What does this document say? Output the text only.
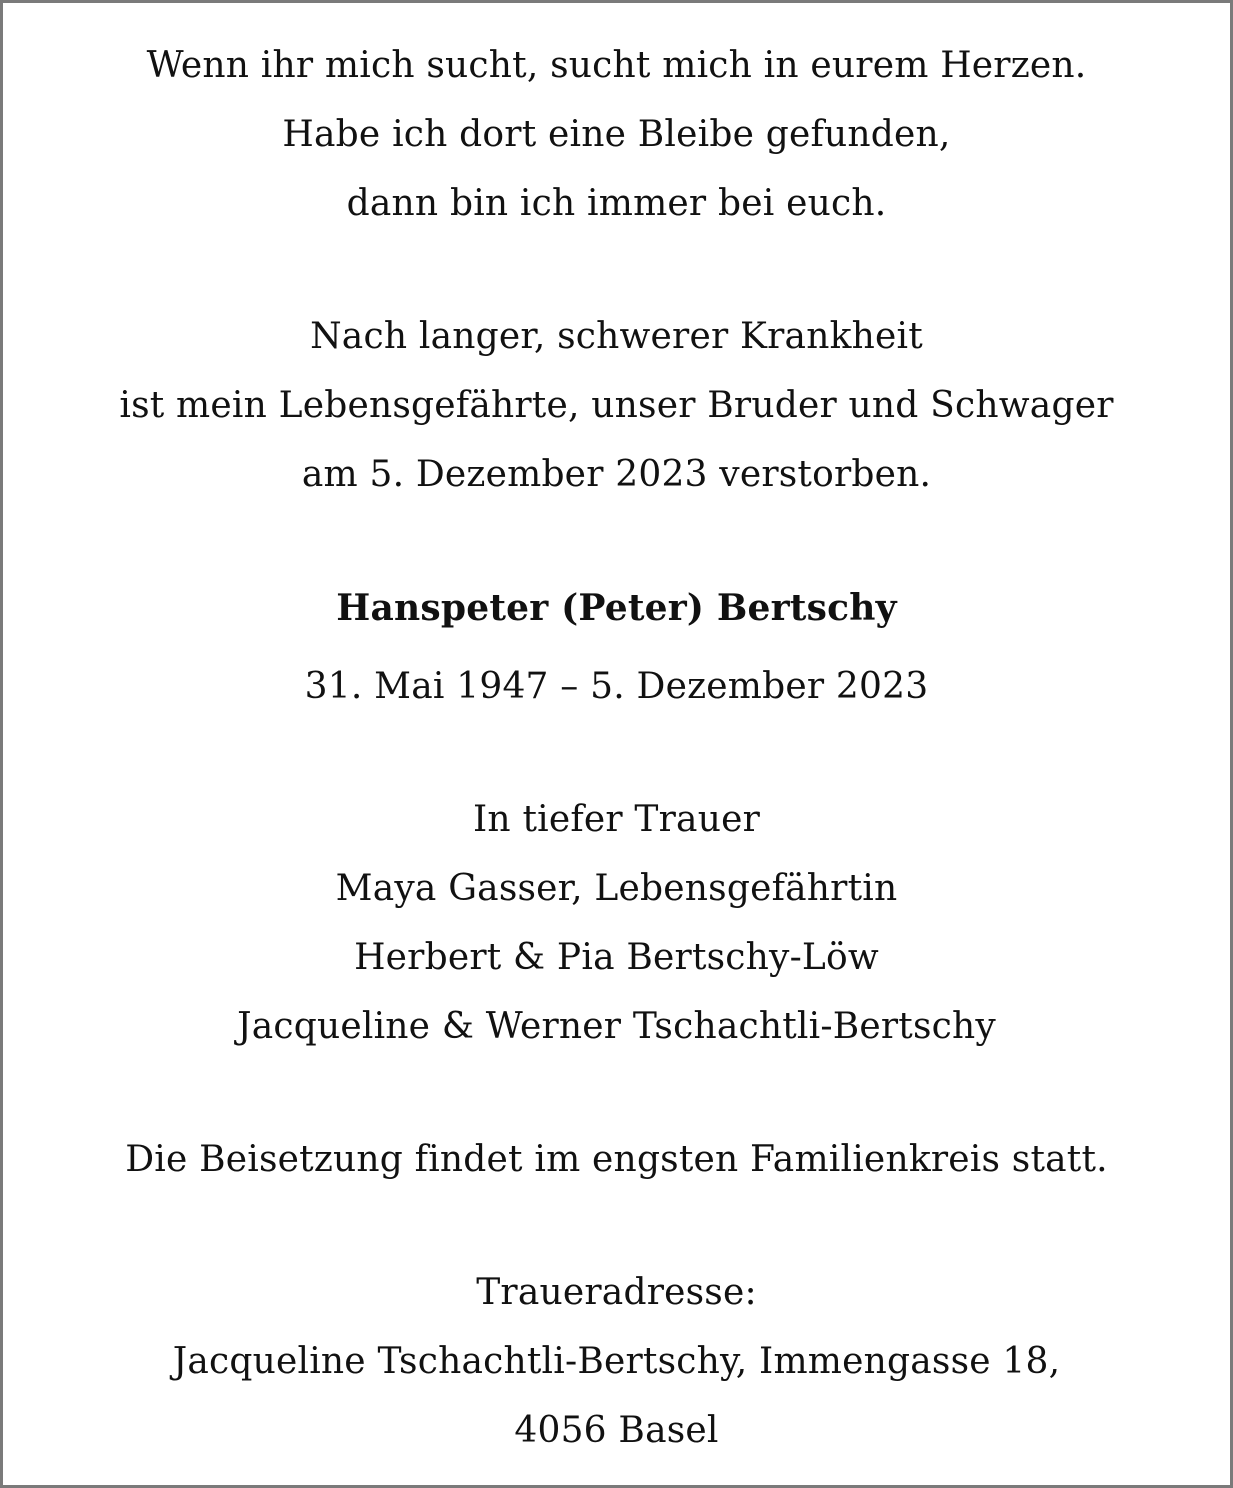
Wenn ihr mich sucht, sucht mich in eurem Herzen.
Habe ich dort eine Bleibe gefunden,
dann bin ich immer bei euch.
Nach langer, schwerer Krankheit
ist mein Lebensgefährte, unser Bruder und Schwager
am 5. Dezember 2023 verstorben.
Hanspeter (Peter) Bertschy
31. Mai 1947 – 5. Dezember 2023
In tiefer Trauer
Maya Gasser, Lebensgefährtin
Herbert & Pia Bertschy-Löw
Jacqueline & Werner Tschachtli-Bertschy
Die Beisetzung findet im engsten Familienkreis statt.
Traueradresse:
Jacqueline Tschachtli-Bertschy, Immengasse 18,
4056 Basel
